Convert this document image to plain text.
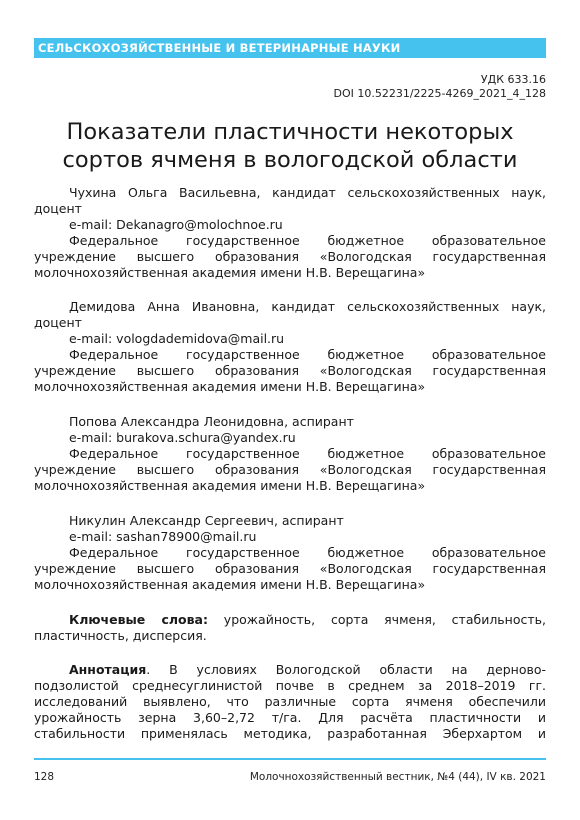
СЕЛЬСКОХОЗЯЙСТВЕННЫЕ И ВЕТЕРИНАРНЫЕ НАУКИ
УДК 633.16
DOI 10.52231/2225-4269_2021_4_128
Показатели пластичности некоторых
сортов ячменя в вологодской области
Чухина Ольга Васильевна, кандидат сельскохозяйственных наук,
доцент
e-mail: Dekanagro@molochnoe.ru
Федеральное государственное бюджетное образовательное
учреждение высшего образования «Вологодская государственная
молочнохозяйственная академия имени Н.В. Верещагина»
Демидова Анна Ивановна, кандидат сельскохозяйственных наук,
доцент
e-mail: vologdademidova@mail.ru
Федеральное государственное бюджетное образовательное
учреждение высшего образования «Вологодская государственная
молочнохозяйственная академия имени Н.В. Верещагина»
Попова Александра Леонидовна, аспирант
e-mail: burakova.schura@yandex.ru
Федеральное государственное бюджетное образовательное
учреждение высшего образования «Вологодская государственная
молочнохозяйственная академия имени Н.В. Верещагина»
Никулин Александр Сергеевич, аспирант
e-mail: sashan78900@mail.ru
Федеральное государственное бюджетное образовательное
учреждение высшего образования «Вологодская государственная
молочнохозяйственная академия имени Н.В. Верещагина»
Ключевые слова: урожайность, сорта ячменя, стабильность,
пластичность, дисперсия.
Аннотация. В условиях Вологодской области на дерново-
подзолистой среднесуглинистой почве в среднем за 2018–2019 гг.
исследований выявлено, что различные сорта ячменя обеспечили
урожайность зерна 3,60–2,72 т/га. Для расчёта пластичности и
стабильности применялась методика, разработанная Эберхартом и
128	Молочнохозяйственный вестник, №4 (44), IV кв. 2021
